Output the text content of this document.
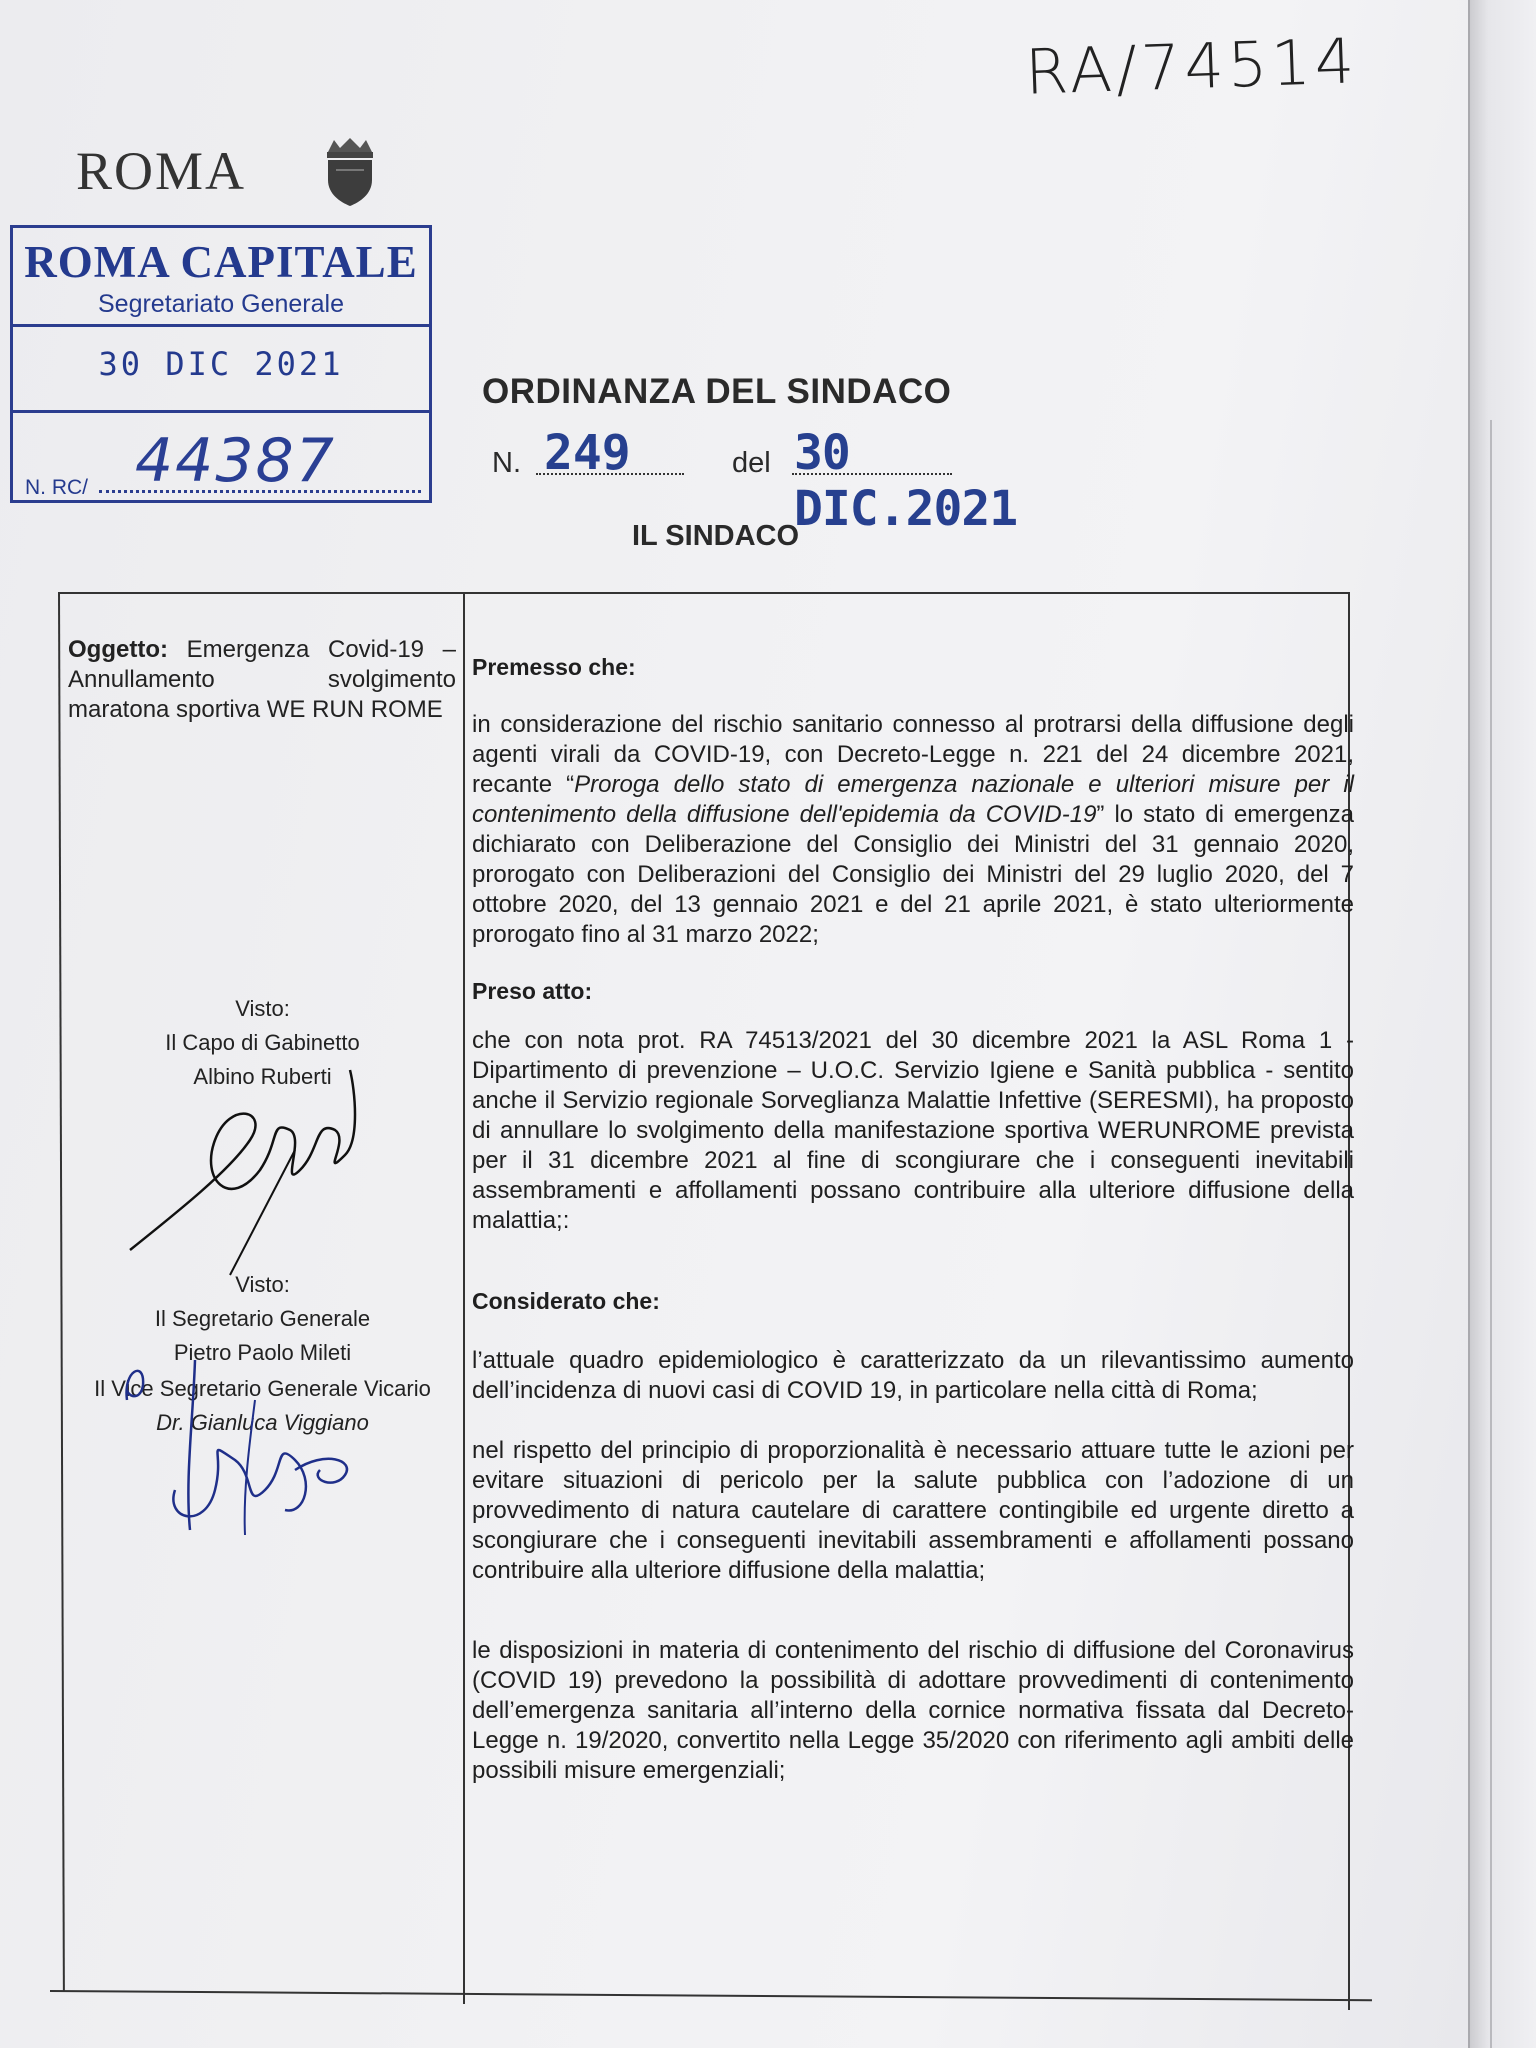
RA/74514
ROMA
ROMA CAPITALE
Segretariato Generale
30 DIC 2021
44387
N. RC/
ORDINANZA DEL SINDACO
N. 249	del 30 DIC.2021
IL SINDACO
Oggetto: Emergenza Covid-19 – Annullamento svolgimento maratona sportiva WE RUN ROME
Visto:
Il Capo di Gabinetto
Albino Ruberti
Visto:
Il Segretario Generale
Pietro Paolo Mileti
Il Vice Segretario Generale Vicario
Dr. Gianluca Viggiano

Premesso che:

in considerazione del rischio sanitario connesso al protrarsi della diffusione degli agenti virali da COVID-19, con Decreto-Legge n. 221 del 24 dicembre 2021, recante “Proroga dello stato di emergenza nazionale e ulteriori misure per il contenimento della diffusione dell'epidemia da COVID-19” lo stato di emergenza dichiarato con Deliberazione del Consiglio dei Ministri del 31 gennaio 2020, prorogato con Deliberazioni del Consiglio dei Ministri del 29 luglio 2020, del 7 ottobre 2020, del 13 gennaio 2021 e del 21 aprile 2021, è stato ulteriormente prorogato fino al 31 marzo 2022;

Preso atto:

che con nota prot. RA 74513/2021 del 30 dicembre 2021 la ASL Roma 1 - Dipartimento di prevenzione – U.O.C. Servizio Igiene e Sanità pubblica - sentito anche il Servizio regionale Sorveglianza Malattie Infettive (SERESMI), ha proposto di annullare lo svolgimento della manifestazione sportiva WERUNROME prevista per il 31 dicembre 2021 al fine di scongiurare che i conseguenti inevitabili assembramenti e affollamenti possano contribuire alla ulteriore diffusione della malattia;:

Considerato che:

l’attuale quadro epidemiologico è caratterizzato da un rilevantissimo aumento dell’incidenza di nuovi casi di COVID 19, in particolare nella città di Roma;

nel rispetto del principio di proporzionalità è necessario attuare tutte le azioni per evitare situazioni di pericolo per la salute pubblica con l’adozione di un provvedimento di natura cautelare di carattere contingibile ed urgente diretto a scongiurare che i conseguenti inevitabili assembramenti e affollamenti possano contribuire alla ulteriore diffusione della malattia;

le disposizioni in materia di contenimento del rischio di diffusione del Coronavirus (COVID 19) prevedono la possibilità di adottare provvedimenti di contenimento dell’emergenza sanitaria all’interno della cornice normativa fissata dal Decreto-Legge n. 19/2020, convertito nella Legge 35/2020 con riferimento agli ambiti delle possibili misure emergenziali;
